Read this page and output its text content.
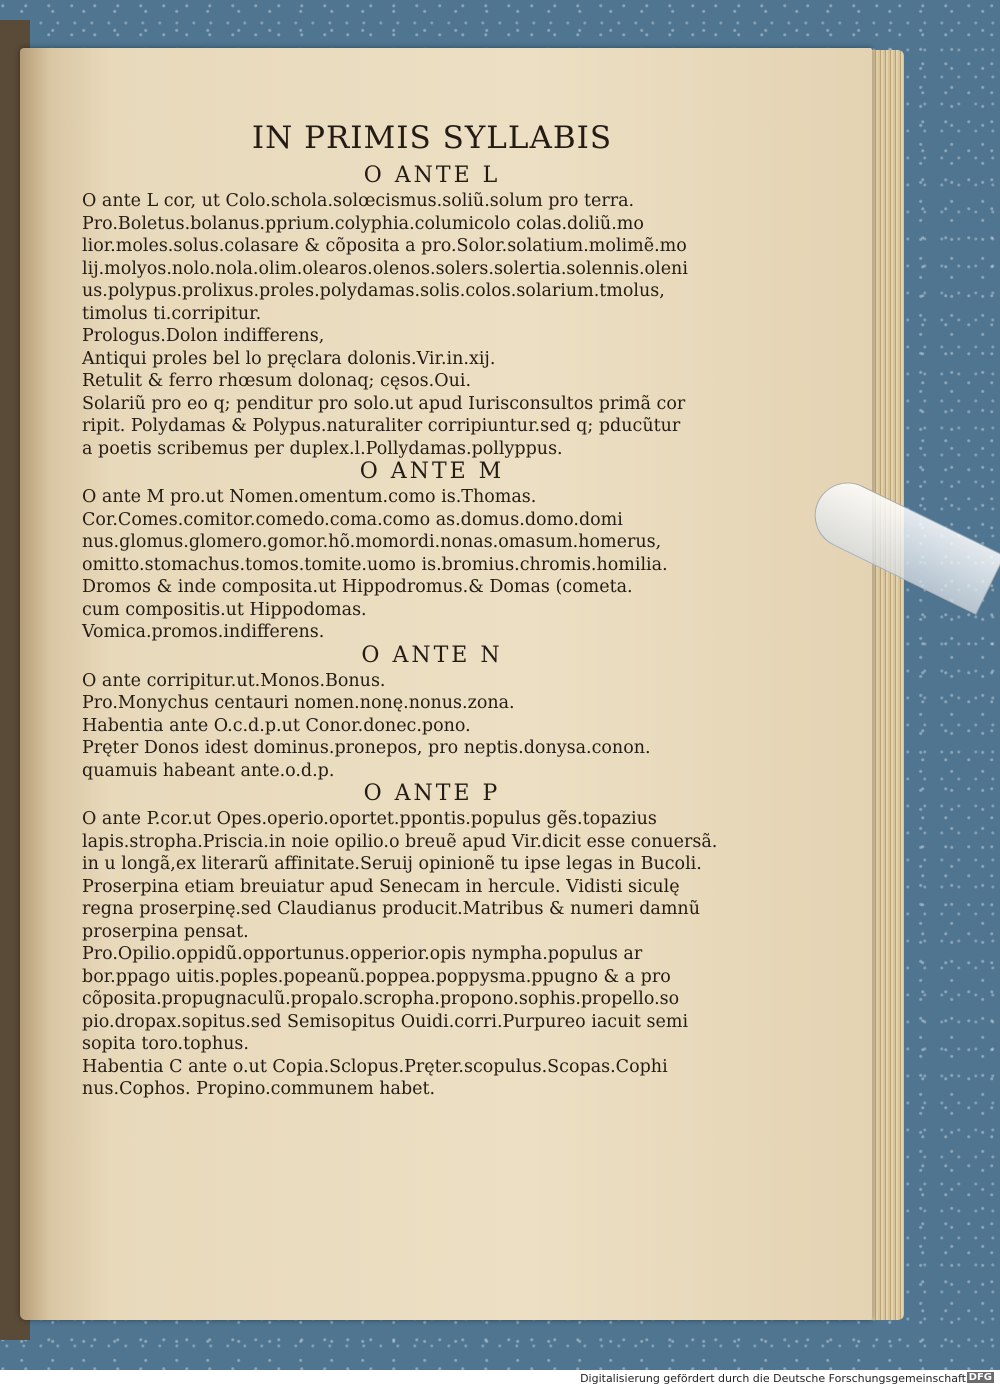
IN PRIMIS SYLLABIS
O ANTE L
O ante L cor, ut Colo.schola.solœcismus.soliũ.solum pro terra.
Pro.Boletus.bolanus.pprium.colyphia.columicolo colas.doliũ.mo
lior.moles.solus.colasare & cõposita a pro.Solor.solatium.molimẽ.mo
lij.molyos.nolo.nola.olim.olearos.olenos.solers.solertia.solennis.oleni
us.polypus.prolixus.proles.polydamas.solis.colos.solarium.tmolus,
timolus ti.corripitur.
Prologus.Dolon indifferens,
Antiqui proles bel lo pręclara dolonis.Vir.in.xij.
Retulit & ferro rhœsum dolonaq; cęsos.Oui.
Solariũ pro eo q; penditur pro solo.ut apud Iurisconsultos primã cor
ripit. Polydamas & Polypus.naturaliter corripiuntur.sed q; pducũtur
a poetis scribemus per duplex.l.Pollydamas.pollyppus.
O ANTE M
O ante M pro.ut Nomen.omentum.como is.Thomas.
Cor.Comes.comitor.comedo.coma.como as.domus.domo.domi
nus.glomus.glomero.gomor.hõ.momordi.nonas.omasum.homerus,
omitto.stomachus.tomos.tomite.uomo is.bromius.chromis.homilia.
Dromos & inde composita.ut Hippodromus.& Domas (cometa.
cum compositis.ut Hippodomas.
Vomica.promos.indifferens.
O ANTE N
O ante corripitur.ut.Monos.Bonus.
Pro.Monychus centauri nomen.nonę.nonus.zona.
Habentia ante O.c.d.p.ut Conor.donec.pono.
Pręter Donos idest dominus.pronepos, pro neptis.donysa.conon.
quamuis habeant ante.o.d.p.
O ANTE P
O ante P.cor.ut Opes.operio.oportet.ppontis.populus gẽs.topazius
lapis.strophа.Priscia.in noie opilio.o breuẽ apud Vir.dicit esse conuersã.
in u longã,ex literarũ affinitate.Seruij opinionẽ tu ipse legas in Bucoli.
Proserpina etiam breuiatur apud Senecam in hercule. Vidisti siculę
regna proserpinę.sed Claudianus producit.Matribus & numeri damnũ
proserpina pensat.
Pro.Opilio.oppidũ.opportunus.opperior.opis nympha.populus ar
bor.ppago uitis.poples.popeanũ.poppea.poppysma.ppugno & a pro
cõposita.propugnaculũ.propalo.scropha.propono.sophis.propello.so
pio.dropax.sopitus.sed Semisopitus Ouidi.corri.Purpureo iacuit semi
sopita toro.tophus.
Habentia C ante o.ut Copia.Sclopus.Pręter.scopulus.Scopas.Cophi
nus.Cophos. Propino.communem habet.
Digitalisierung gefördert durch die Deutsche Forschungsgemeinschaft DFG
